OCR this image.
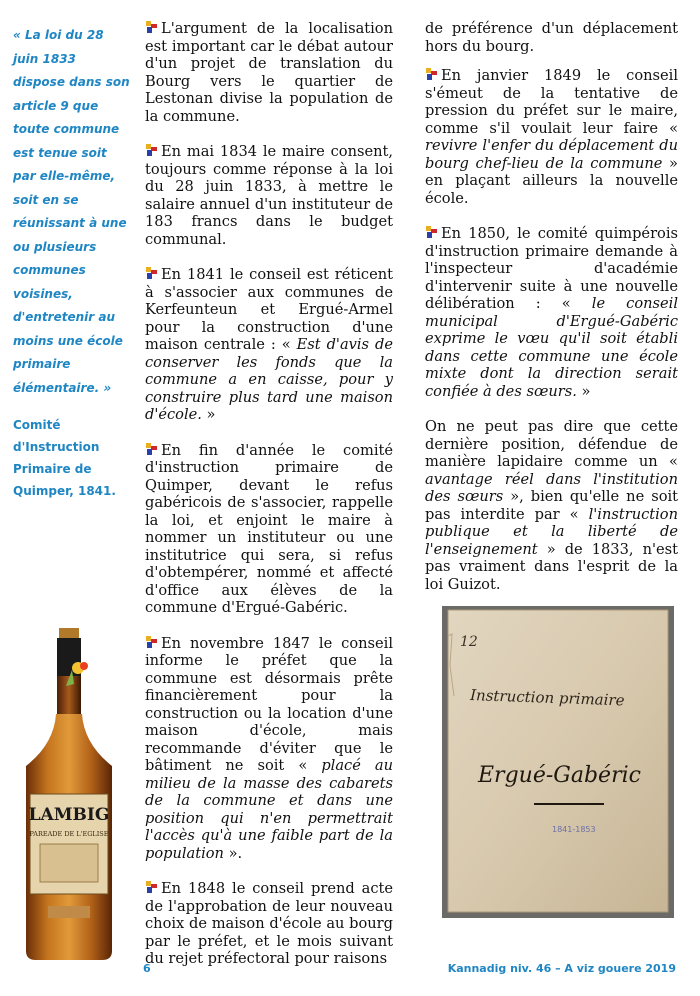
« La loi du 28 juin 1833 dispose dans son article 9 que toute commune est tenue soit par elle-même, soit en se réunissant à une ou plusieurs communes voisines, d'entretenir au moins une école primaire élémentaire. »

Comité d'Instruction Primaire de Quimper, 1841.

LAMBIG
PAREADE DE L'EGLISE

L'argument de la localisation est important car le débat autour d'un projet de translation du Bourg vers le quartier de Lestonan divise la population de la commune.

En mai 1834 le maire consent, toujours comme réponse à la loi du 28 juin 1833, à mettre le salaire annuel d'un instituteur de 183 francs dans le budget communal.

En 1841 le conseil est réticent à s'associer aux communes de Kerfeunteun et Ergué-Armel pour la construction d'une maison centrale : « Est d'avis de conserver les fonds que la commune a en caisse, pour y construire plus tard une maison d'école. »

En fin d'année le comité d'instruction primaire de Quimper, devant le refus gabéricois de s'associer, rappelle la loi, et enjoint le maire à nommer un instituteur ou une institutrice qui sera, si refus d'obtempérer, nommé et affecté d'office aux élèves de la commune d'Ergué-Gabéric.

En novembre 1847 le conseil informe le préfet que la commune est désormais prête financièrement pour la construction ou la location d'une maison d'école, mais recommande d'éviter que le bâtiment ne soit « placé au milieu de la masse des cabarets de la commune et dans une position qui n'en permettrait l'accès qu'à une faible part de la population ».

En 1848 le conseil prend acte de l'approbation de leur nouveau choix de maison d'école au bourg par le préfet, et le mois suivant du rejet préfectoral pour raisons

de préférence d'un déplacement hors du bourg.

En janvier 1849 le conseil s'émeut de la tentative de pression du préfet sur le maire, comme s'il voulait leur faire « revivre l'enfer du déplacement du bourg chef-lieu de la commune » en plaçant ailleurs la nouvelle école.

En 1850, le comité quimpérois d'instruction primaire demande à l'inspecteur d'académie d'intervenir suite à une nouvelle délibération : « le conseil municipal d'Ergué-Gabéric exprime le vœu qu'il soit établi dans cette commune une école mixte dont la direction serait confiée à des sœurs. »

On ne peut pas dire que cette dernière position, défendue de manière lapidaire comme un « avantage réel dans l'institution des sœurs », bien qu'elle ne soit pas interdite par « l'instruction publique et la liberté de l'enseignement » de 1833, n'est pas vraiment dans l'esprit de la loi Guizot.

12
Instruction primaire
Ergué-Gabéric
1841-1853
6	Kannadig niv. 46 – A viz gouere 2019
